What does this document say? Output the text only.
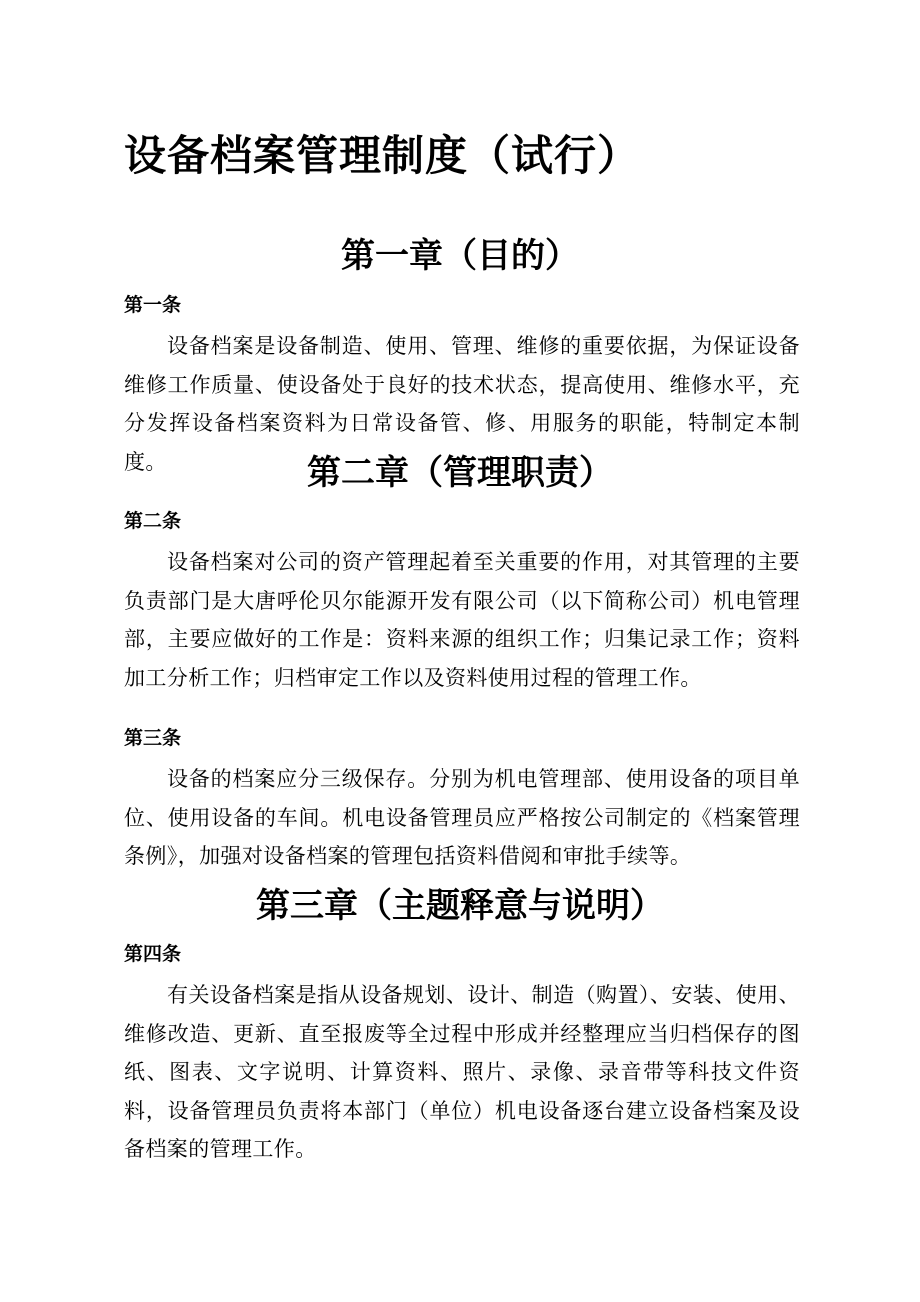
设备档案管理制度（试行）
第一章（目的）
第一条
设备档案是设备制造、使用、管理、维修的重要依据，为保证设备维修工作质量、使设备处于良好的技术状态，提高使用、维修水平，充分发挥设备档案资料为日常设备管、修、用服务的职能，特制定本制度。	第二章（管理职责）
第二条
设备档案对公司的资产管理起着至关重要的作用，对其管理的主要负责部门是大唐呼伦贝尔能源开发有限公司（以下简称公司）机电管理部，主要应做好的工作是：资料来源的组织工作；归集记录工作；资料加工分析工作；归档审定工作以及资料使用过程的管理工作。
第三条
设备的档案应分三级保存。分别为机电管理部、使用设备的项目单位、使用设备的车间。机电设备管理员应严格按公司制定的《档案管理条例》，加强对设备档案的管理包括资料借阅和审批手续等。
第三章（主题释意与说明）
第四条
有关设备档案是指从设备规划、设计、制造（购置）、安装、使用、维修改造、更新、直至报废等全过程中形成并经整理应当归档保存的图纸、图表、文字说明、计算资料、照片、录像、录音带等科技文件资料，设备管理员负责将本部门（单位）机电设备逐台建立设备档案及设备档案的管理工作。
